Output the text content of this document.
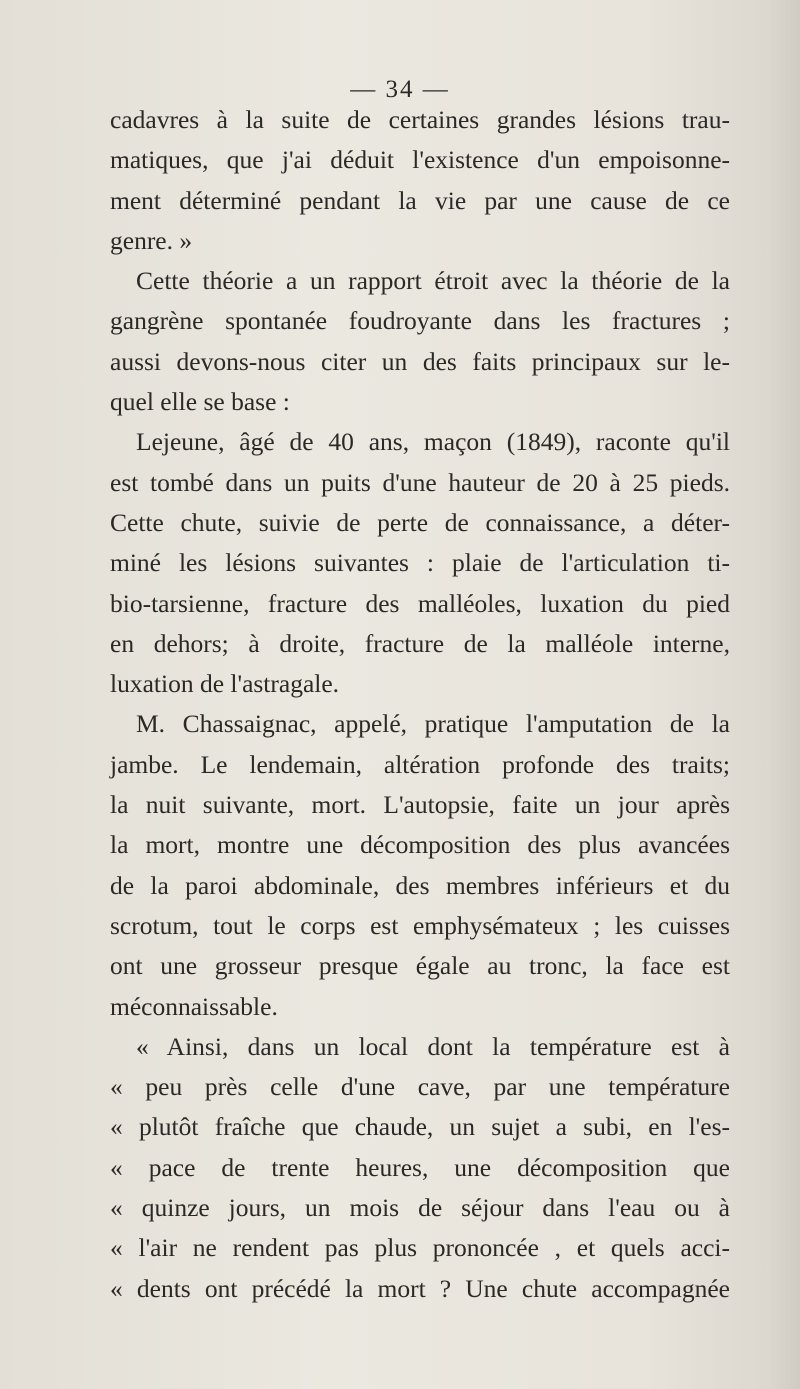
— 34 —
cadavres à la suite de certaines grandes lésions trau-
matiques, que j'ai déduit l'existence d'un empoisonne-
ment déterminé pendant la vie par une cause de ce
genre. »
Cette théorie a un rapport étroit avec la théorie de la
gangrène spontanée foudroyante dans les fractures ;
aussi devons-nous citer un des faits principaux sur le-
quel elle se base :
Lejeune, âgé de 40 ans, maçon (1849), raconte qu'il
est tombé dans un puits d'une hauteur de 20 à 25 pieds.
Cette chute, suivie de perte de connaissance, a déter-
miné les lésions suivantes : plaie de l'articulation ti-
bio-tarsienne, fracture des malléoles, luxation du pied
en dehors; à droite, fracture de la malléole interne,
luxation de l'astragale.
M. Chassaignac, appelé, pratique l'amputation de la
jambe. Le lendemain, altération profonde des traits;
la nuit suivante, mort. L'autopsie, faite un jour après
la mort, montre une décomposition des plus avancées
de la paroi abdominale, des membres inférieurs et du
scrotum, tout le corps est emphysémateux ; les cuisses
ont une grosseur presque égale au tronc, la face est
méconnaissable.
« Ainsi, dans un local dont la température est à
« peu près celle d'une cave, par une température
« plutôt fraîche que chaude, un sujet a subi, en l'es-
« pace de trente heures, une décomposition que
« quinze jours, un mois de séjour dans l'eau ou à
« l'air ne rendent pas plus prononcée , et quels acci-
« dents ont précédé la mort ? Une chute accompagnée
